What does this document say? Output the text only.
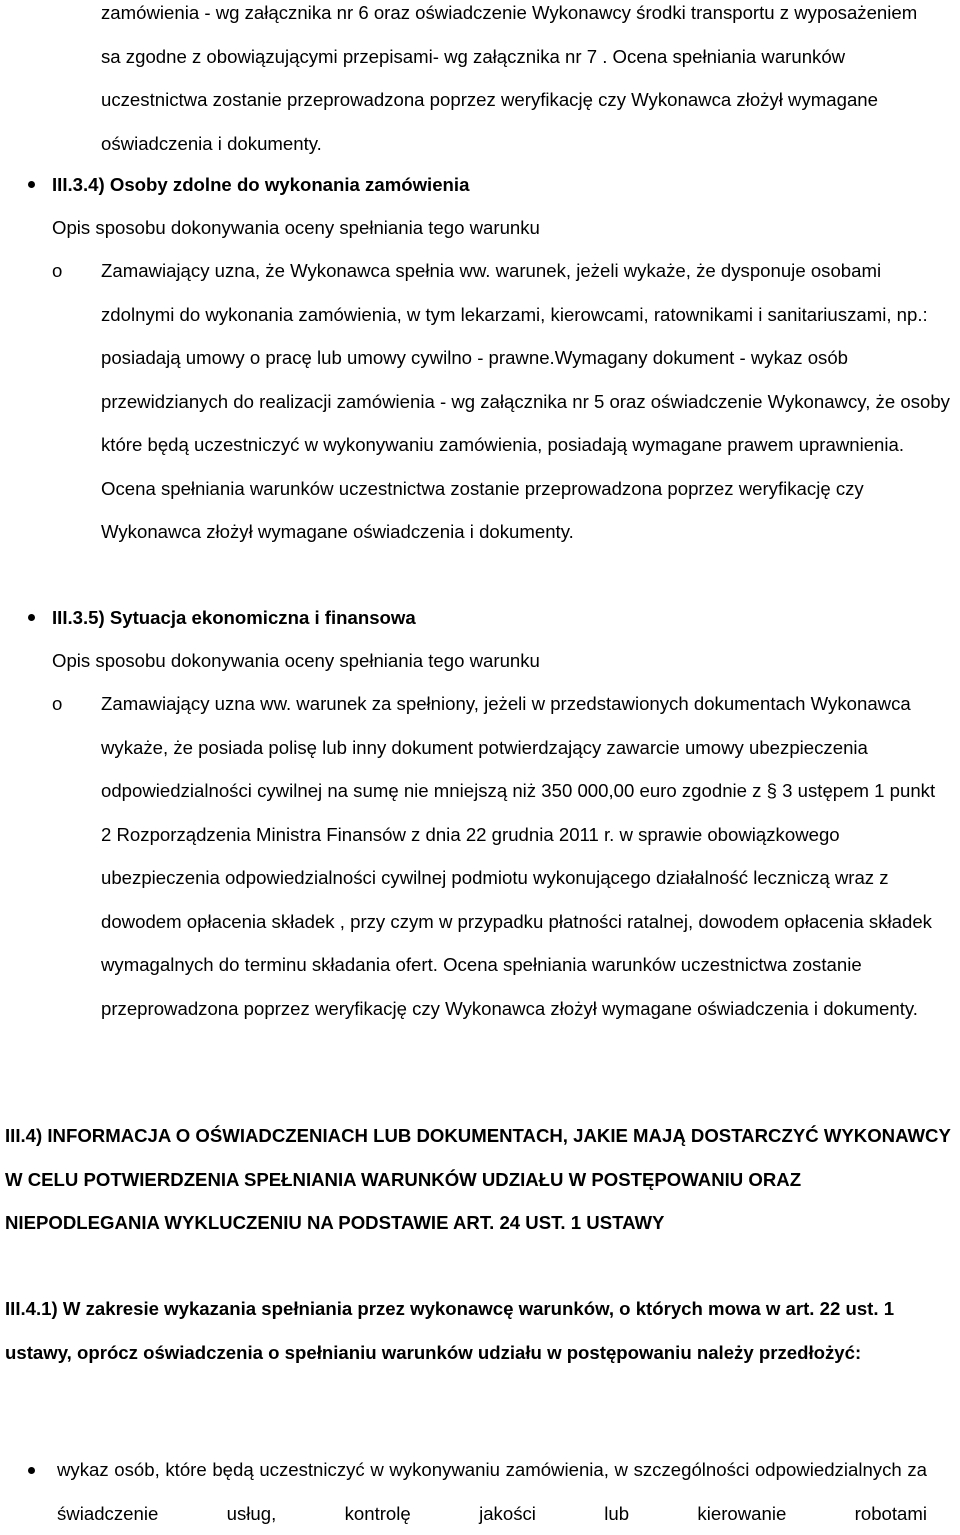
zamówienia - wg załącznika nr 6 oraz oświadczenie Wykonawcy środki transportu z wyposażeniem sa zgodne z obowiązującymi przepisami- wg załącznika nr 7 . Ocena spełniania warunków uczestnictwa zostanie przeprowadzona poprzez weryfikację czy Wykonawca złożył wymagane oświadczenia i dokumenty.

III.3.4) Osoby zdolne do wykonania zamówienia

Opis sposobu dokonywania oceny spełniania tego warunku

o Zamawiający uzna, że Wykonawca spełnia ww. warunek, jeżeli wykaże, że dysponuje osobami zdolnymi do wykonania zamówienia, w tym lekarzami, kierowcami, ratownikami i sanitariuszami, np.: posiadają umowy o pracę lub umowy cywilno - prawne.Wymagany dokument - wykaz osób przewidzianych do realizacji zamówienia - wg załącznika nr 5 oraz oświadczenie Wykonawcy, że osoby które będą uczestniczyć w wykonywaniu zamówienia, posiadają wymagane prawem uprawnienia. Ocena spełniania warunków uczestnictwa zostanie przeprowadzona poprzez weryfikację czy Wykonawca złożył wymagane oświadczenia i dokumenty.

III.3.5) Sytuacja ekonomiczna i finansowa

Opis sposobu dokonywania oceny spełniania tego warunku

o Zamawiający uzna ww. warunek za spełniony, jeżeli w przedstawionych dokumentach Wykonawca wykaże, że posiada polisę lub inny dokument potwierdzający zawarcie umowy ubezpieczenia odpowiedzialności cywilnej na sumę nie mniejszą niż 350 000,00 euro zgodnie z § 3 ustępem 1 punkt 2 Rozporządzenia Ministra Finansów z dnia 22 grudnia 2011 r. w sprawie obowiązkowego ubezpieczenia odpowiedzialności cywilnej podmiotu wykonującego działalność leczniczą wraz z dowodem opłacenia składek , przy czym w przypadku płatności ratalnej, dowodem opłacenia składek wymagalnych do terminu składania ofert. Ocena spełniania warunków uczestnictwa zostanie przeprowadzona poprzez weryfikację czy Wykonawca złożył wymagane oświadczenia i dokumenty.

III.4) INFORMACJA O OŚWIADCZENIACH LUB DOKUMENTACH, JAKIE MAJĄ DOSTARCZYĆ WYKONAWCY W CELU POTWIERDZENIA SPEŁNIANIA WARUNKÓW UDZIAŁU W POSTĘPOWANIU ORAZ NIEPODLEGANIA WYKLUCZENIU NA PODSTAWIE ART. 24 UST. 1 USTAWY

III.4.1) W zakresie wykazania spełniania przez wykonawcę warunków, o których mowa w art. 22 ust. 1 ustawy, oprócz oświadczenia o spełnianiu warunków udziału w postępowaniu należy przedłożyć:

wykaz osób, które będą uczestniczyć w wykonywaniu zamówienia, w szczególności odpowiedzialnych za świadczenie usług, kontrolę jakości lub kierowanie robotami
